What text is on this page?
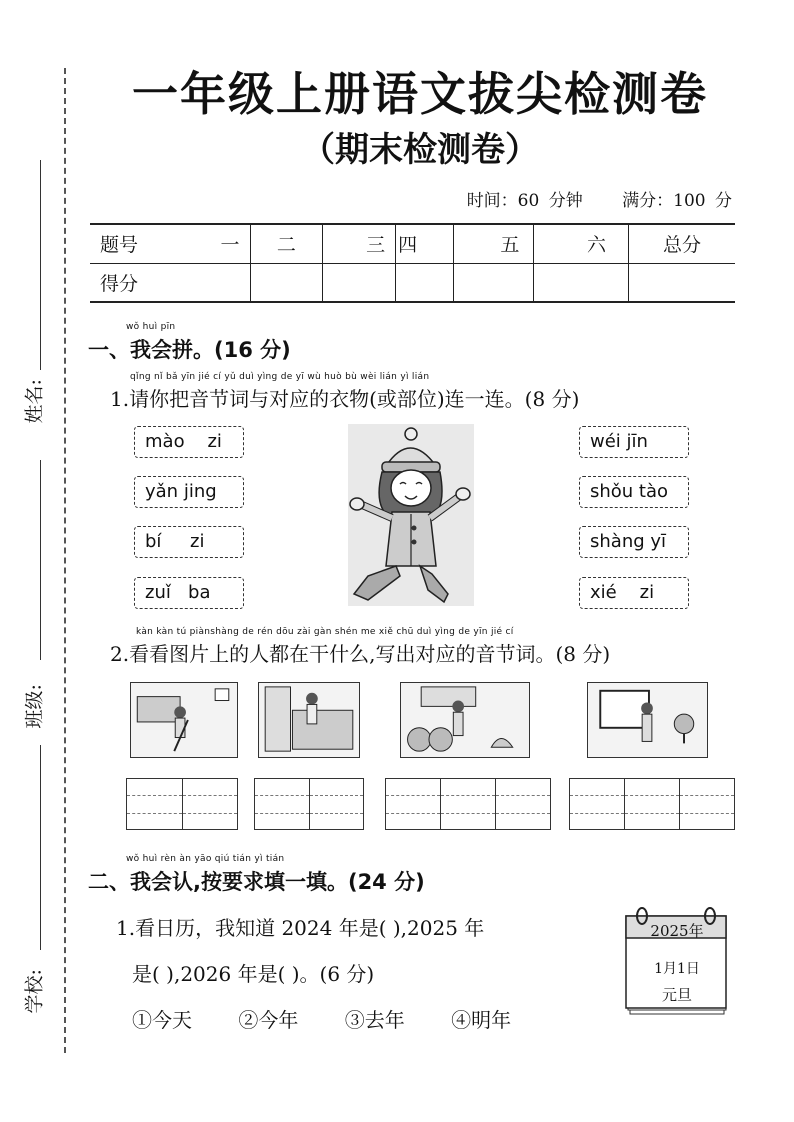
姓名:
班级:
学校:
一年级上册语文拔尖检测卷
（期末检测卷）
时间：60 分钟 满分：100 分
题号 一	二	三	四	五	六	总分
得分						
wǒ huì pīn
一、我会拼。(16 分)
qǐng nǐ bǎ yīn jié cí yǔ duì yìng de yī wù huò bù wèi lián yì lián
1.请你把音节词与对应的衣物(或部位)连一连。(8 分)
mào    zi
yǎn jing
bí     zi
zuǐ   ba
wéi jīn
shǒu tào
shàng yī
xié    zi
kàn kàn tú piànshàng de rén dōu zài gàn shén me xiě chū duì yìng de yīn jié cí
2.看看图片上的人都在干什么,写出对应的音节词。(8 分)
wǒ huì rèn àn yāo qiú tián yì tián
二、我会认,按要求填一填。(24 分)
1.看日历，我知道 2024 年是( ),2025 年
是( ),2026 年是( )。(6 分)
①今天 ②今年 ③去年 ④明年
2025年
1月1日
元旦
